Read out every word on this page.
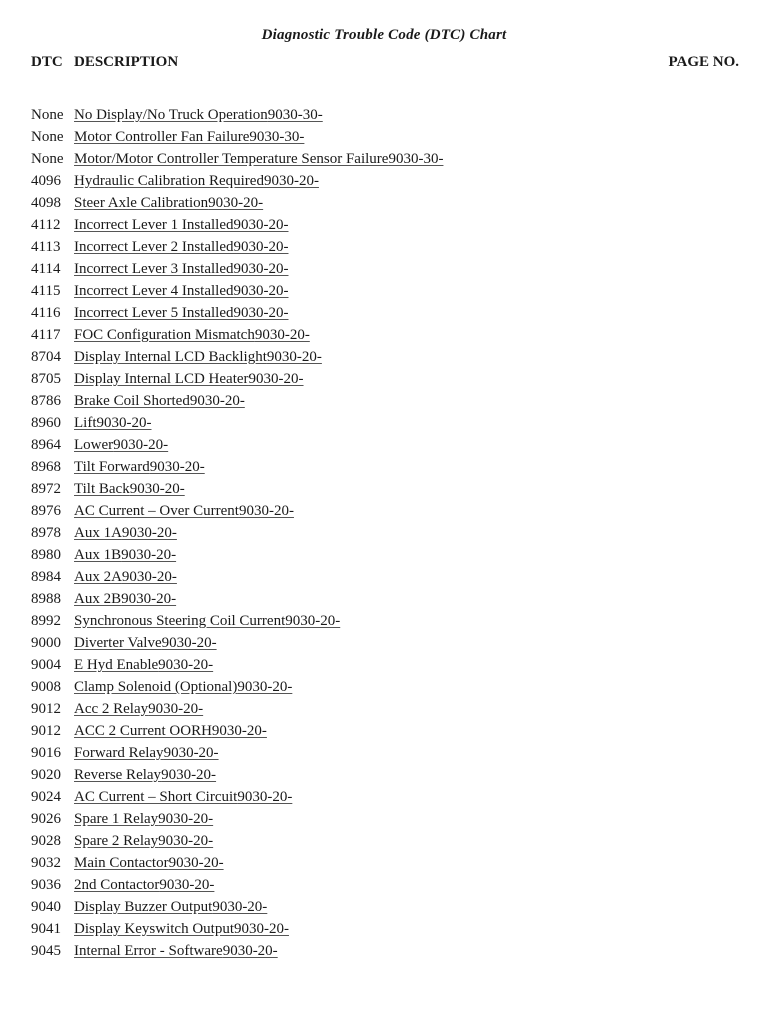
Diagnostic Trouble Code (DTC) Chart
DTC DESCRIPTION	PAGE NO.
None No Display/No Truck Operation9030-30-
None Motor Controller Fan Failure9030-30-
None Motor/Motor Controller Temperature Sensor Failure9030-30-
4096 Hydraulic Calibration Required9030-20-
4098 Steer Axle Calibration9030-20-
4112 Incorrect Lever 1 Installed9030-20-
4113 Incorrect Lever 2 Installed9030-20-
4114 Incorrect Lever 3 Installed9030-20-
4115 Incorrect Lever 4 Installed9030-20-
4116 Incorrect Lever 5 Installed9030-20-
4117 FOC Configuration Mismatch9030-20-
8704 Display Internal LCD Backlight9030-20-
8705 Display Internal LCD Heater9030-20-
8786 Brake Coil Shorted9030-20-
8960 Lift9030-20-
8964 Lower9030-20-
8968 Tilt Forward9030-20-
8972 Tilt Back9030-20-
8976 AC Current – Over Current9030-20-
8978 Aux 1A9030-20-
8980 Aux 1B9030-20-
8984 Aux 2A9030-20-
8988 Aux 2B9030-20-
8992 Synchronous Steering Coil Current9030-20-
9000 Diverter Valve9030-20-
9004 E Hyd Enable9030-20-
9008 Clamp Solenoid (Optional)9030-20-
9012 Acc 2 Relay9030-20-
9012 ACC 2 Current OORH9030-20-
9016 Forward Relay9030-20-
9020 Reverse Relay9030-20-
9024 AC Current – Short Circuit9030-20-
9026 Spare 1 Relay9030-20-
9028 Spare 2 Relay9030-20-
9032 Main Contactor9030-20-
9036 2nd Contactor9030-20-
9040 Display Buzzer Output9030-20-
9041 Display Keyswitch Output9030-20-
9045 Internal Error - Software9030-20-
